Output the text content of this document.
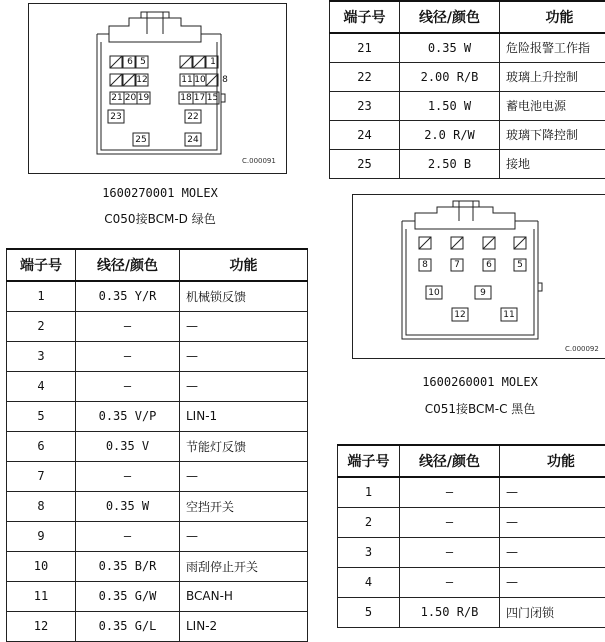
端子号	线径/颜色	功能
21	0.35 W	危险报警工作指
22	2.00 R/B	玻璃上升控制
23	1.50 W	蓄电池电源
24	2.0 R/W	玻璃下降控制
25	2.50 B	接地
6 5	1
12	11 10	8
21 20 19	18 17 15
23	22
25	24
C.000091
1600270001 MOLEX
C050接BCM-D 绿色
端子号	线径/颜色	功能
1	0.35 Y/R	机械锁反馈
2	—	—
3	—	—
4	—	—
5	0.35 V/P	LIN-1
6	0.35 V	节能灯反馈
7	—	—
8	0.35 W	空挡开关
9	—	—
10	0.35 B/R	雨刮停止开关
11	0.35 G/W	BCAN-H
12	0.35 G/L	LIN-2
8	7	6	5
10	9
12	11
C.000092
1600260001 MOLEX
C051接BCM-C 黑色
端子号	线径/颜色	功能
1	—	—
2	—	—
3	—	—
4	—	—
5	1.50 R/B	四门闭锁
